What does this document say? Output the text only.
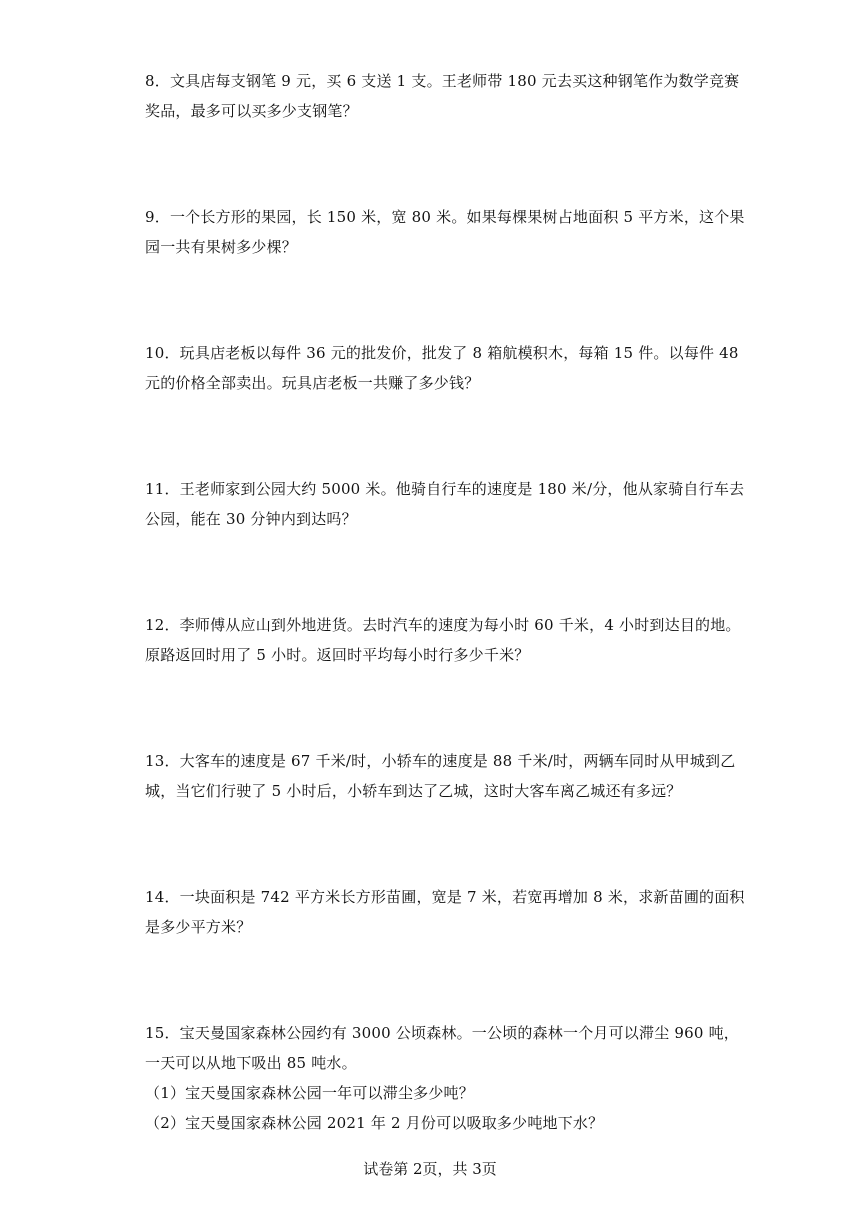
8．文具店每支钢笔 9 元，买 6 支送 1 支。王老师带 180 元去买这种钢笔作为数学竞赛

奖品，最多可以买多少支钢笔？

9．一个长方形的果园，长 150 米，宽 80 米。如果每棵果树占地面积 5 平方米，这个果

园一共有果树多少棵？

10．玩具店老板以每件 36 元的批发价，批发了 8 箱航模积木，每箱 15 件。以每件 48

元的价格全部卖出。玩具店老板一共赚了多少钱？

11．王老师家到公园大约 5000 米。他骑自行车的速度是 180 米/分，他从家骑自行车去

公园，能在 30 分钟内到达吗？

12．李师傅从应山到外地进货。去时汽车的速度为每小时 60 千米，4 小时到达目的地。

原路返回时用了 5 小时。返回时平均每小时行多少千米？

13．大客车的速度是 67 千米/时，小轿车的速度是 88 千米/时，两辆车同时从甲城到乙

城，当它们行驶了 5 小时后，小轿车到达了乙城，这时大客车离乙城还有多远？

14．一块面积是 742 平方米长方形苗圃，宽是 7 米，若宽再增加 8 米，求新苗圃的面积

是多少平方米？

15．宝天曼国家森林公园约有 3000 公顷森林。一公顷的森林一个月可以滞尘 960 吨，

一天可以从地下吸出 85 吨水。

（1）宝天曼国家森林公园一年可以滞尘多少吨？

（2）宝天曼国家森林公园 2021 年 2 月份可以吸取多少吨地下水？

试卷第 2页，共 3页
